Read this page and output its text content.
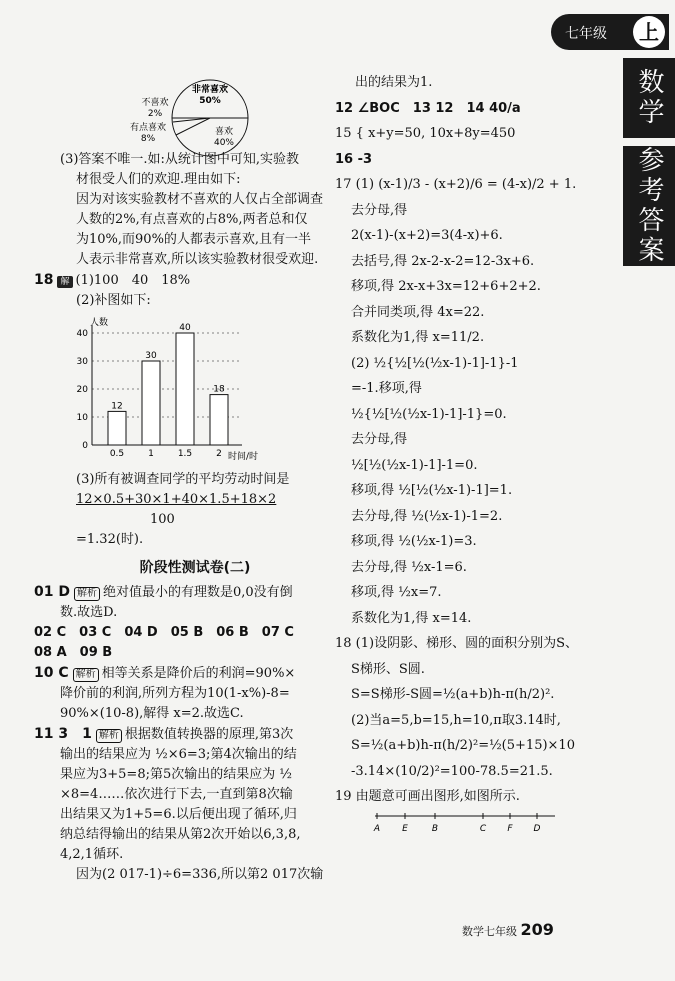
七年级	上
数学
参考答案
非常喜欢
50%
喜欢
40%
不喜欢
2%
有点喜欢
8%
(3)答案不唯一.如:从统计图中可知,实验教
材很受人们的欢迎.理由如下:
因为对该实验教材不喜欢的人仅占全部调查
人数的2%,有点喜欢的占8%,两者总和仅
为10%,而90%的人都表示喜欢,且有一半
人表示非常喜欢,所以该实验教材很受欢迎.
18 解 (1)100　40　18%
(2)补图如下:
人数
时间/时
0
10
20
30
40
12
0.5
30
1
40
1.5
18
2
(3)所有被调查同学的平均劳动时间是
12×0.5+30×1+40×1.5+18×2
100
=1.32(时).
阶段性测试卷(二)
01 D 解析 绝对值最小的有理数是0,0没有倒
数.故选D.
02 C　03 C　04 D　05 B　06 B　07 C
08 A　09 B
10 C 解析 相等关系是降价后的利润=90%×
降价前的利润,所列方程为10(1-x%)-8=
90%×(10-8),解得 x=2.故选C.
11 3　1 解析 根据数值转换器的原理,第3次
输出的结果应为 ½×6=3;第4次输出的结
果应为3+5=8;第5次输出的结果应为 ½
×8=4……依次进行下去,一直到第8次输
出结果又为1+5=6.以后便出现了循环,归
纳总结得输出的结果从第2次开始以6,3,8,
4,2,1循环.
因为(2 017-1)÷6=336,所以第2 017次输
出的结果为1.
12 ∠BOC　13 12　14 40/a
15 { x+y=50, 10x+8y=450
16 -3
17 (1) (x-1)/3 - (x+2)/6 = (4-x)/2 + 1.
去分母,得
2(x-1)-(x+2)=3(4-x)+6.
去括号,得 2x-2-x-2=12-3x+6.
移项,得 2x-x+3x=12+6+2+2.
合并同类项,得 4x=22.
系数化为1,得 x=11/2.
(2) ½{½[½(½x-1)-1]-1}-1
=-1.移项,得
½{½[½(½x-1)-1]-1}=0.
去分母,得
½[½(½x-1)-1]-1=0.
移项,得 ½[½(½x-1)-1]=1.
去分母,得 ½(½x-1)-1=2.
移项,得 ½(½x-1)=3.
去分母,得 ½x-1=6.
移项,得 ½x=7.
系数化为1,得 x=14.
18 (1)设阴影、梯形、圆的面积分别为S、
S梯形、S圆.
S=S梯形-S圆=½(a+b)h-π(h/2)².
(2)当a=5,b=15,h=10,π取3.14时,
S=½(a+b)h-π(h/2)²=½(5+15)×10
-3.14×(10/2)²=100-78.5=21.5.
19 由题意可画出图形,如图所示.
A E	B	C F D
数学七年级 209
